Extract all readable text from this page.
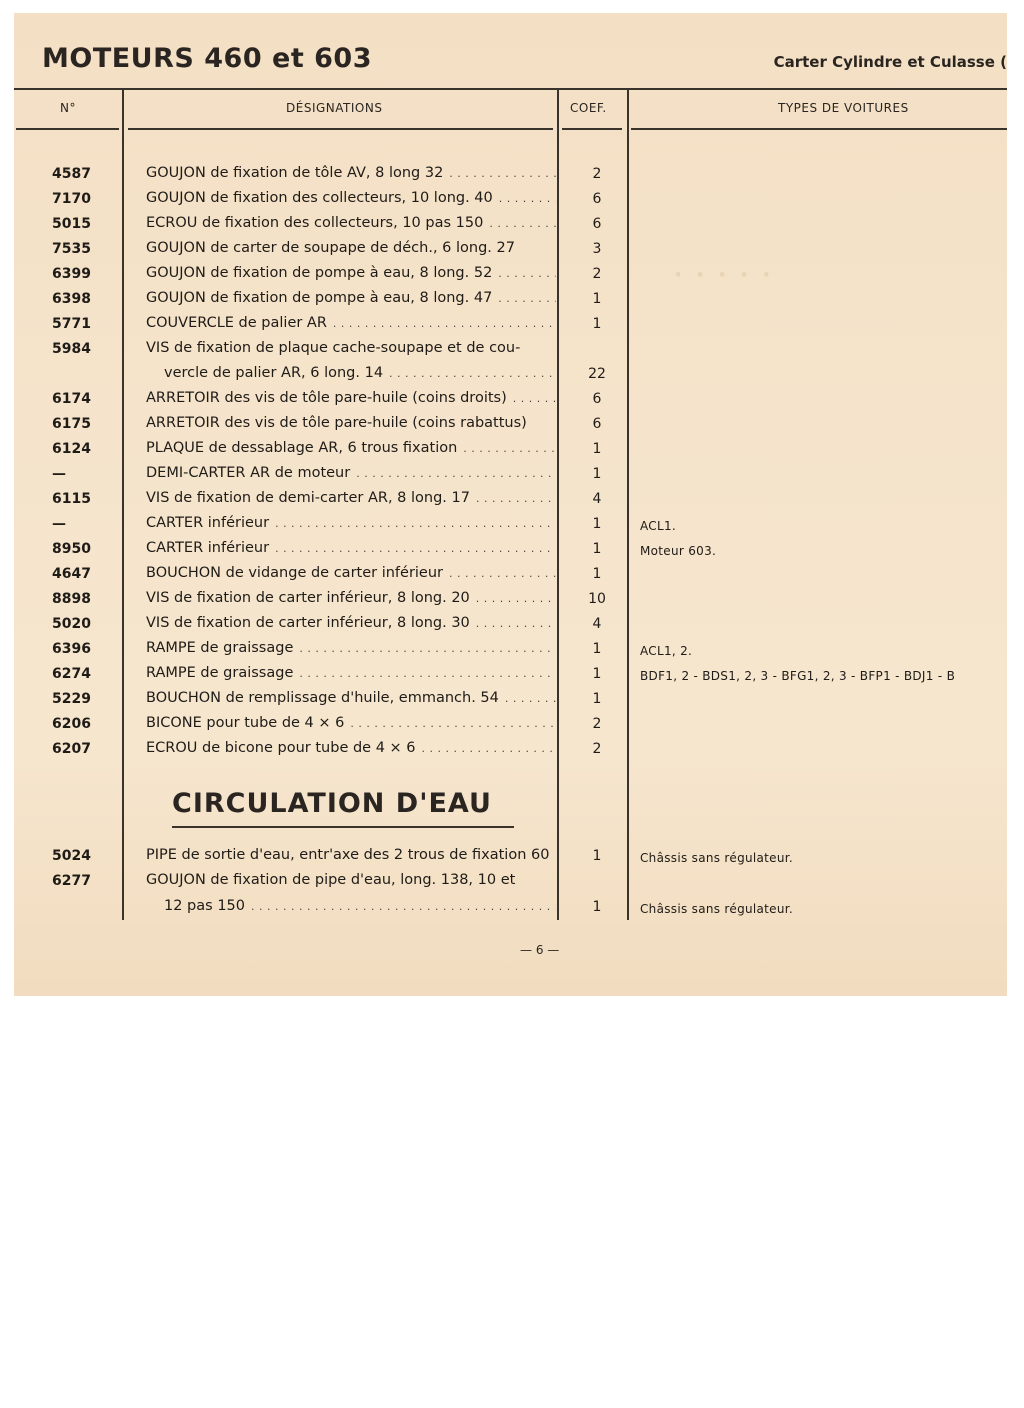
MOTEURS 460 et 603	Carter Cylindre et Culasse (
N°	DÉSIGNATIONS	COEF.	TYPES DE VOITURES
· · · · ·
4587	GOUJON de fixation de tôle AV, 8 long 32 . . .	2
7170	GOUJON de fixation des collecteurs, 10 long. 40 . . .	6
5015	ECROU de fixation des collecteurs, 10 pas 150 . . .	6
7535	GOUJON de carter de soupape de déch., 6 long. 27	3
6399	GOUJON de fixation de pompe à eau, 8 long. 52 . . .	2
6398	GOUJON de fixation de pompe à eau, 8 long. 47 . . .	1
5771	COUVERCLE de palier AR . . .	1
5984	VIS de fixation de plaque cache-soupape et de cou-
vercle de palier AR, 6 long. 14 . . .	22
6174	ARRETOIR des vis de tôle pare-huile (coins droits) . . .	6
6175	ARRETOIR des vis de tôle pare-huile (coins rabattus)	6
6124	PLAQUE de dessablage AR, 6 trous fixation . . .	1
—	DEMI-CARTER AR de moteur . . .	1
6115	VIS de fixation de demi-carter AR, 8 long. 17 . . .	4
—	CARTER inférieur . . .	1	ACL1.
8950	CARTER inférieur . . .	1	Moteur 603.
4647	BOUCHON de vidange de carter inférieur . . .	1
8898	VIS de fixation de carter inférieur, 8 long. 20 . . .	10
5020	VIS de fixation de carter inférieur, 8 long. 30 . . .	4
6396	RAMPE de graissage . . .	1	ACL1, 2.
6274	RAMPE de graissage . . .	1	BDF1, 2 - BDS1, 2, 3 - BFG1, 2, 3 - BFP1 - BDJ1 - B
5229	BOUCHON de remplissage d'huile, emmanch. 54 . . .	1
6206	BICONE pour tube de 4 × 6 . . .	2
6207	ECROU de bicone pour tube de 4 × 6 . . .	2
CIRCULATION D'EAU
5024	PIPE de sortie d'eau, entr'axe des 2 trous de fixation 60	1	Châssis sans régulateur.
6277	GOUJON de fixation de pipe d'eau, long. 138, 10 et
12 pas 150 . . .	1	Châssis sans régulateur.
— 6 —
